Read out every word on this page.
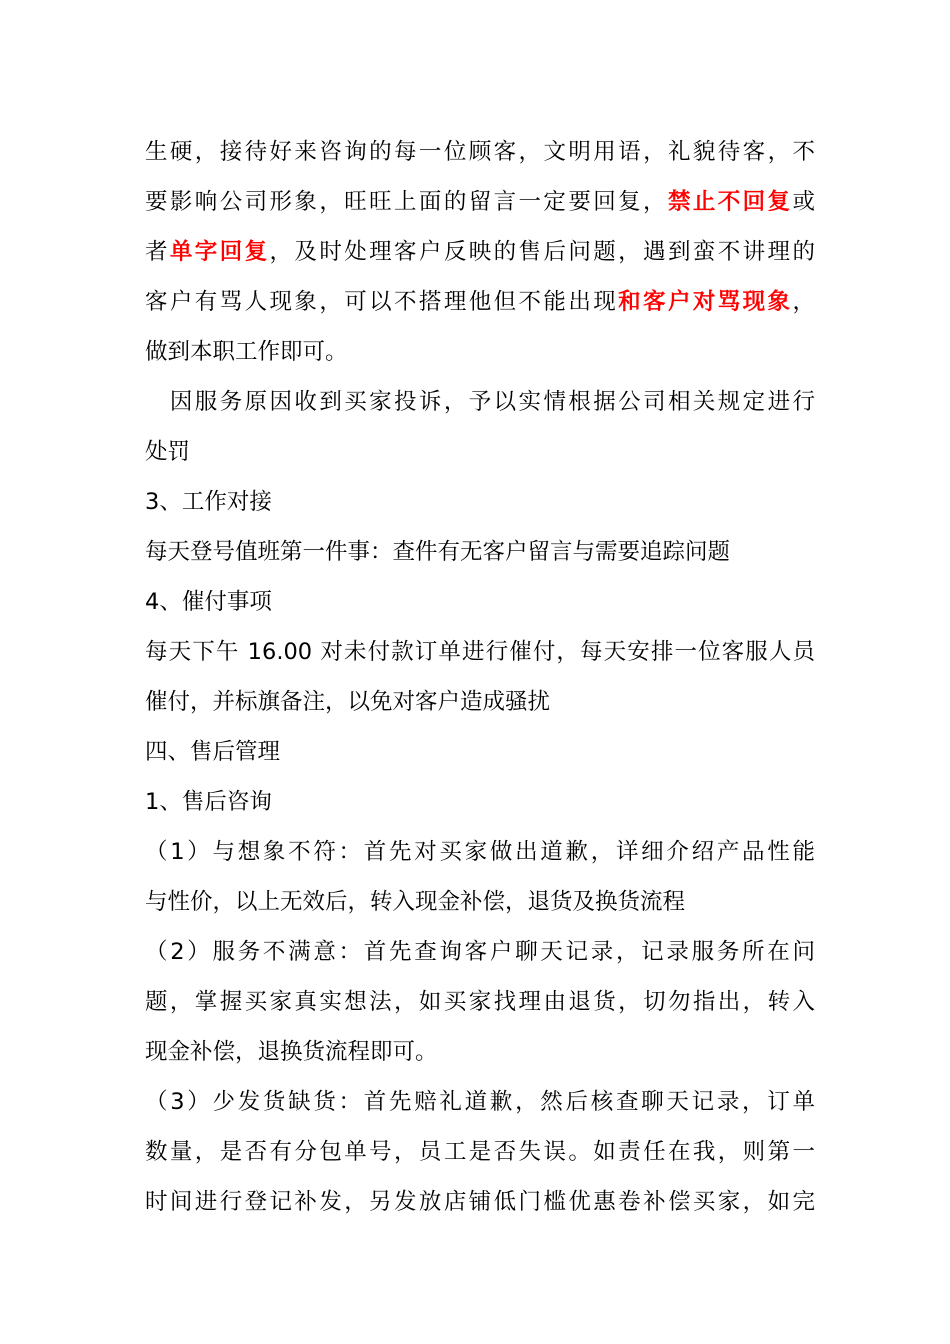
生硬，接待好来咨询的每一位顾客，文明用语，礼貌待客，不
要影响公司形象，旺旺上面的留言一定要回复，禁止不回复或
者单字回复，及时处理客户反映的售后问题，遇到蛮不讲理的
客户有骂人现象，可以不搭理他但不能出现和客户对骂现象，
做到本职工作即可。
　因服务原因收到买家投诉，予以实情根据公司相关规定进行
处罚
3、工作对接
每天登号值班第一件事：查件有无客户留言与需要追踪问题
4、催付事项
每天下午 16.00 对未付款订单进行催付，每天安排一位客服人员
催付，并标旗备注，以免对客户造成骚扰
四、售后管理
1、售后咨询
（1）与想象不符：首先对买家做出道歉，详细介绍产品性能
与性价，以上无效后，转入现金补偿，退货及换货流程
（2）服务不满意：首先查询客户聊天记录，记录服务所在问
题，掌握买家真实想法，如买家找理由退货，切勿指出，转入
现金补偿，退换货流程即可。
（3）少发货缺货：首先赔礼道歉，然后核查聊天记录，订单
数量，是否有分包单号，员工是否失误。如责任在我，则第一
时间进行登记补发，另发放店铺低门槛优惠卷补偿买家，如完
